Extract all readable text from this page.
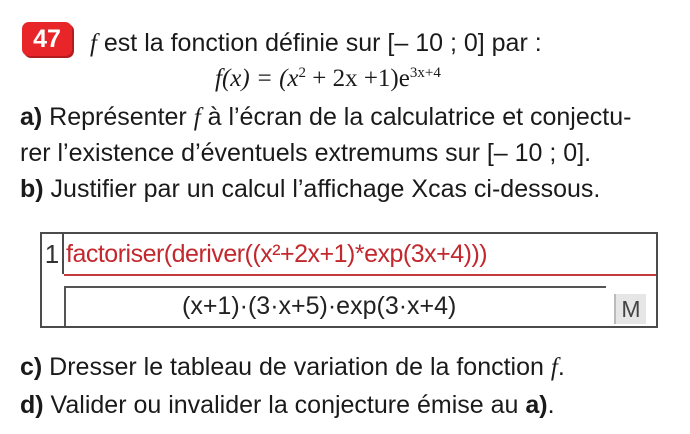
47	f est la fonction définie sur [– 10 ; 0] par :
$f(x) = (x^2 + 2x +1)e^{3x+4}$
a) Représenter f à l’écran de la calculatrice et conjectu-
rer l’existence d’éventuels extremums sur [– 10 ; 0].
b) Justifier par un calcul l’affichage Xcas ci-dessous.
1 factoriser(deriver((x²+2x+1)*exp(3x+4)))
(x+1)·(3·x+5)·exp(3·x+4)	M
c) Dresser le tableau de variation de la fonction f.
d) Valider ou invalider la conjecture émise au a).
